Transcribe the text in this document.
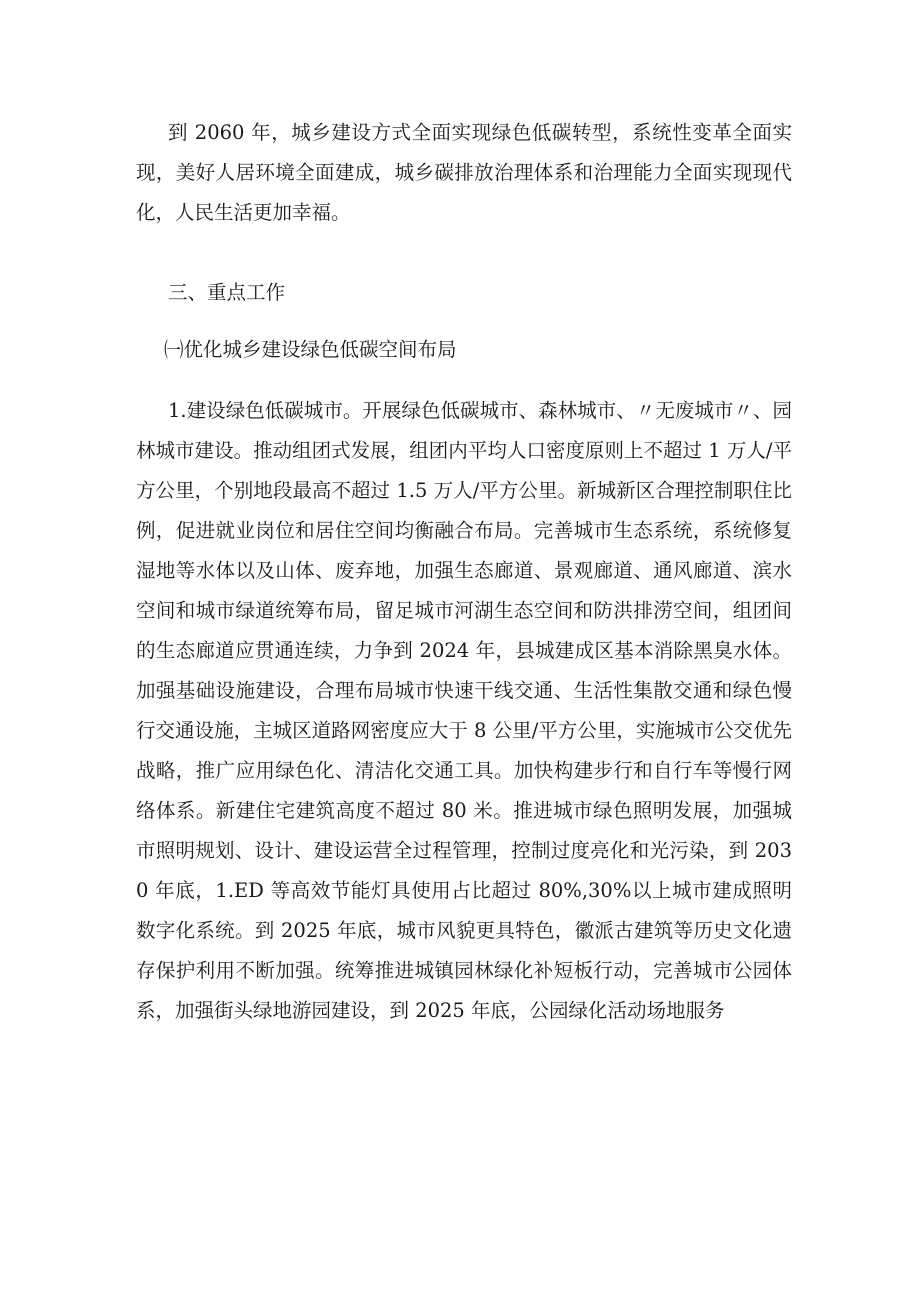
到 2060 年，城乡建设方式全面实现绿色低碳转型，系统性变革全面实现，美好人居环境全面建成，城乡碳排放治理体系和治理能力全面实现现代化，人民生活更加幸福。

三、重点工作

㈠优化城乡建设绿色低碳空间布局

1.建设绿色低碳城市。开展绿色低碳城市、森林城市、〃无废城市〃、园林城市建设。推动组团式发展，组团内平均人口密度原则上不超过 1 万人/平方公里，个别地段最高不超过 1.5 万人/平方公里。新城新区合理控制职住比例，促进就业岗位和居住空间均衡融合布局。完善城市生态系统，系统修复湿地等水体以及山体、废弃地，加强生态廊道、景观廊道、通风廊道、滨水空间和城市绿道统筹布局，留足城市河湖生态空间和防洪排涝空间，组团间的生态廊道应贯通连续，力争到 2024 年，县城建成区基本消除黑臭水体。加强基础设施建设，合理布局城市快速干线交通、生活性集散交通和绿色慢行交通设施，主城区道路网密度应大于 8 公里/平方公里，实施城市公交优先战略，推广应用绿色化、清洁化交通工具。加快构建步行和自行车等慢行网络体系。新建住宅建筑高度不超过 80 米。推进城市绿色照明发展，加强城市照明规划、设计、建设运营全过程管理，控制过度亮化和光污染，到 2030 年底，1.ED 等高效节能灯具使用占比超过 80%,30%以上城市建成照明数字化系统。到 2025 年底，城市风貌更具特色，徽派古建筑等历史文化遗存保护利用不断加强。统筹推进城镇园林绿化补短板行动，完善城市公园体系，加强街头绿地游园建设，到 2025 年底，公园绿化活动场地服务
